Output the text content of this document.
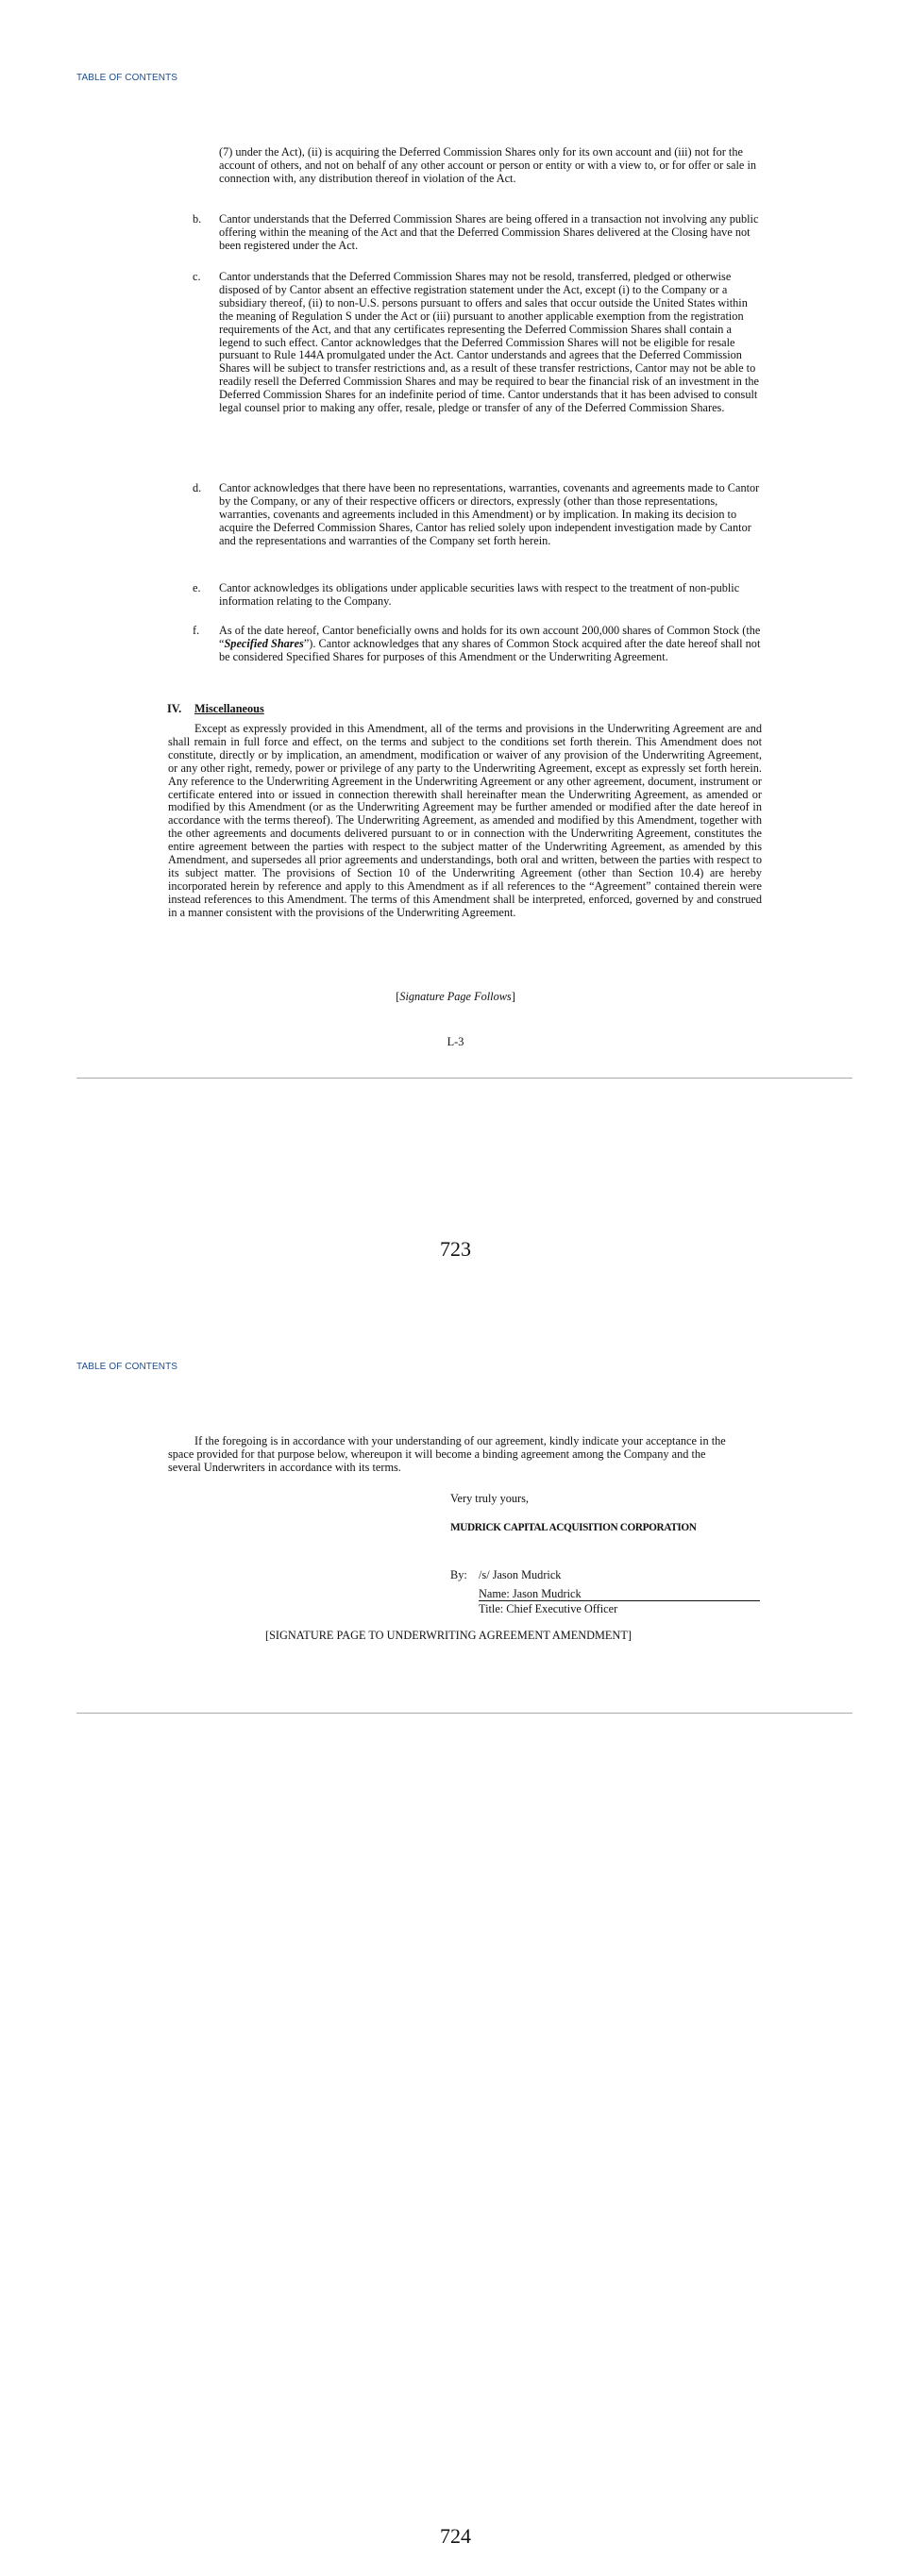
TABLE OF CONTENTS

(7) under the Act), (ii) is acquiring the Deferred Commission Shares only for its own account and (iii) not for the account of others, and not on behalf of any other account or person or entity or with a view to, or for offer or sale in connection with, any distribution thereof in violation of the Act.

b.	Cantor understands that the Deferred Commission Shares are being offered in a transaction not involving any public offering within the meaning of the Act and that the Deferred Commission Shares delivered at the Closing have not been registered under the Act.

c.	Cantor understands that the Deferred Commission Shares may not be resold, transferred, pledged or otherwise disposed of by Cantor absent an effective registration statement under the Act, except (i) to the Company or a subsidiary thereof, (ii) to non-U.S. persons pursuant to offers and sales that occur outside the United States within the meaning of Regulation S under the Act or (iii) pursuant to another applicable exemption from the registration requirements of the Act, and that any certificates representing the Deferred Commission Shares shall contain a legend to such effect. Cantor acknowledges that the Deferred Commission Shares will not be eligible for resale pursuant to Rule 144A promulgated under the Act. Cantor understands and agrees that the Deferred Commission Shares will be subject to transfer restrictions and, as a result of these transfer restrictions, Cantor may not be able to readily resell the Deferred Commission Shares and may be required to bear the financial risk of an investment in the Deferred Commission Shares for an indefinite period of time. Cantor understands that it has been advised to consult legal counsel prior to making any offer, resale, pledge or transfer of any of the Deferred Commission Shares.

d.	Cantor acknowledges that there have been no representations, warranties, covenants and agreements made to Cantor by the Company, or any of their respective officers or directors, expressly (other than those representations, warranties, covenants and agreements included in this Amendment) or by implication. In making its decision to acquire the Deferred Commission Shares, Cantor has relied solely upon independent investigation made by Cantor and the representations and warranties of the Company set forth herein.

e.	Cantor acknowledges its obligations under applicable securities laws with respect to the treatment of non-public information relating to the Company.

f.	As of the date hereof, Cantor beneficially owns and holds for its own account 200,000 shares of Common Stock (the “Specified Shares”). Cantor acknowledges that any shares of Common Stock acquired after the date hereof shall not be considered Specified Shares for purposes of this Amendment or the Underwriting Agreement.

IV. Miscellaneous

Except as expressly provided in this Amendment, all of the terms and provisions in the Underwriting Agreement are and shall remain in full force and effect, on the terms and subject to the conditions set forth therein. This Amendment does not constitute, directly or by implication, an amendment, modification or waiver of any provision of the Underwriting Agreement, or any other right, remedy, power or privilege of any party to the Underwriting Agreement, except as expressly set forth herein. Any reference to the Underwriting Agreement in the Underwriting Agreement or any other agreement, document, instrument or certificate entered into or issued in connection therewith shall hereinafter mean the Underwriting Agreement, as amended or modified by this Amendment (or as the Underwriting Agreement may be further amended or modified after the date hereof in accordance with the terms thereof). The Underwriting Agreement, as amended and modified by this Amendment, together with the other agreements and documents delivered pursuant to or in connection with the Underwriting Agreement, constitutes the entire agreement between the parties with respect to the subject matter of the Underwriting Agreement, as amended by this Amendment, and supersedes all prior agreements and understandings, both oral and written, between the parties with respect to its subject matter. The provisions of Section 10 of the Underwriting Agreement (other than Section 10.4) are hereby incorporated herein by reference and apply to this Amendment as if all references to the “Agreement” contained therein were instead references to this Amendment. The terms of this Amendment shall be interpreted, enforced, governed by and construed in a manner consistent with the provisions of the Underwriting Agreement.

[Signature Page Follows]
L-3
723
TABLE OF CONTENTS

If the foregoing is in accordance with your understanding of our agreement, kindly indicate your acceptance in the space provided for that purpose below, whereupon it will become a binding agreement among the Company and the several Underwriters in accordance with its terms.

Very truly yours,
MUDRICK CAPITAL ACQUISITION CORPORATION
By: /s/ Jason Mudrick
Name: Jason Mudrick
Title: Chief Executive Officer
[SIGNATURE PAGE TO UNDERWRITING AGREEMENT AMENDMENT]
724
